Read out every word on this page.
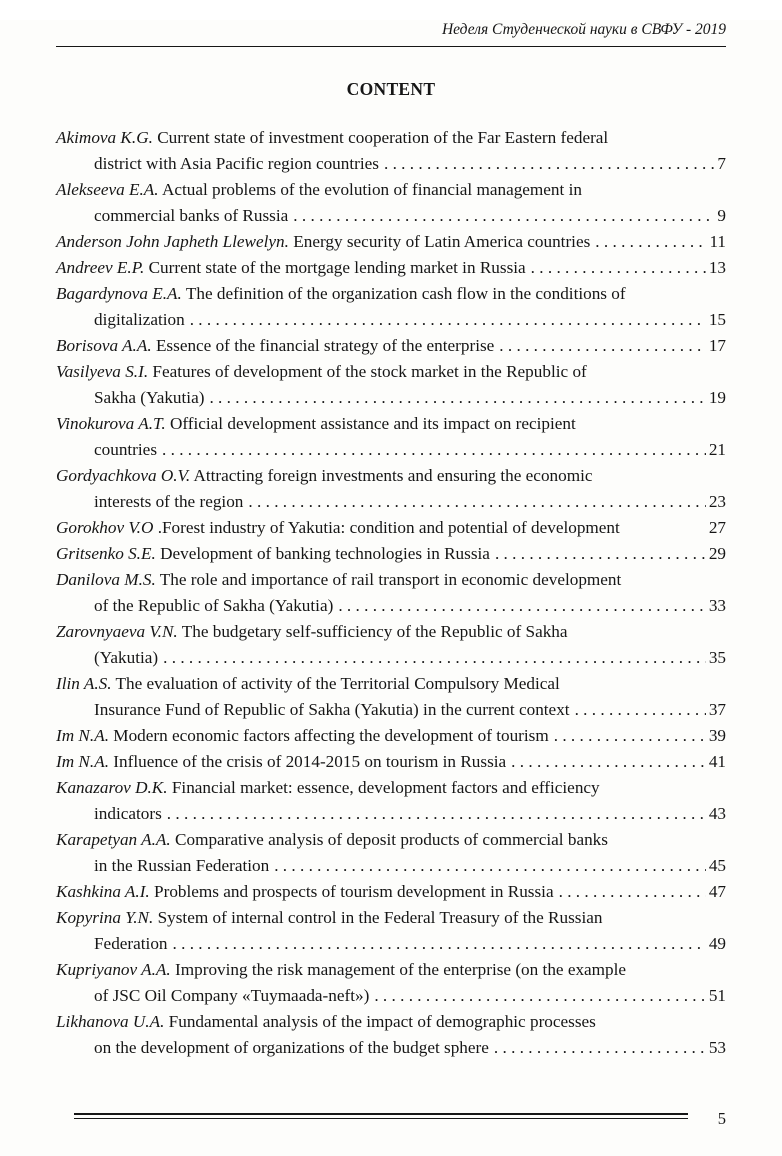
Неделя Студенческой науки в СВФУ - 2019
CONTENT
Akimova K.G. Current state of investment cooperation of the Far Eastern federal
district with Asia Pacific region countries . . .	7
Alekseeva E.A. Actual problems of the evolution of financial management in
commercial banks of Russia . . .	9
Anderson John Japheth Llewelyn. Energy security of Latin America countries . . .	11
Andreev E.P. Current state of the mortgage lending market in Russia . . .	13
Bagardynova E.A. The definition of the organization cash flow in the conditions of
digitalization . . .	15
Borisova A.A. Essence of the financial strategy of the enterprise . . .	17
Vasilyeva S.I. Features of development of the stock market in the Republic of
Sakha (Yakutia) . . .	19
Vinokurova A.T. Official development assistance and its impact on recipient
countries . . .	21
Gordyachkova O.V. Attracting foreign investments and ensuring the economic
interests of the region . . .	23
Gorokhov V.O .Forest industry of Yakutia: condition and potential of development	27
Gritsenko S.E. Development of banking technologies in Russia . . .	29
Danilova M.S. The role and importance of rail transport in economic development
of the Republic of Sakha (Yakutia) . . .	33
Zarovnyaeva V.N. The budgetary self-sufficiency of the Republic of Sakha
(Yakutia) . . .	35
Ilin A.S. The evaluation of activity of the Territorial Compulsory Medical
Insurance Fund of Republic of Sakha (Yakutia) in the current context . . .	37
Im N.A. Modern economic factors affecting the development of tourism . . .	39
Im N.A. Influence of the crisis of 2014-2015 on tourism in Russia . . .	41
Kanazarov D.K. Financial market: essence, development factors and efficiency
indicators . . .	43
Karapetyan A.A. Comparative analysis of deposit products of commercial banks
in the Russian Federation . . .	45
Kashkina A.I. Problems and prospects of tourism development in Russia . . .	47
Kopyrina Y.N. System of internal control in the Federal Treasury of the Russian
Federation . . .	49
Kupriyanov A.A. Improving the risk management of the enterprise (on the example
of JSC Oil Company «Tuymaada-neft») . . .	51
Likhanova U.A. Fundamental analysis of the impact of demographic processes
on the development of organizations of the budget sphere . . .	53
5
